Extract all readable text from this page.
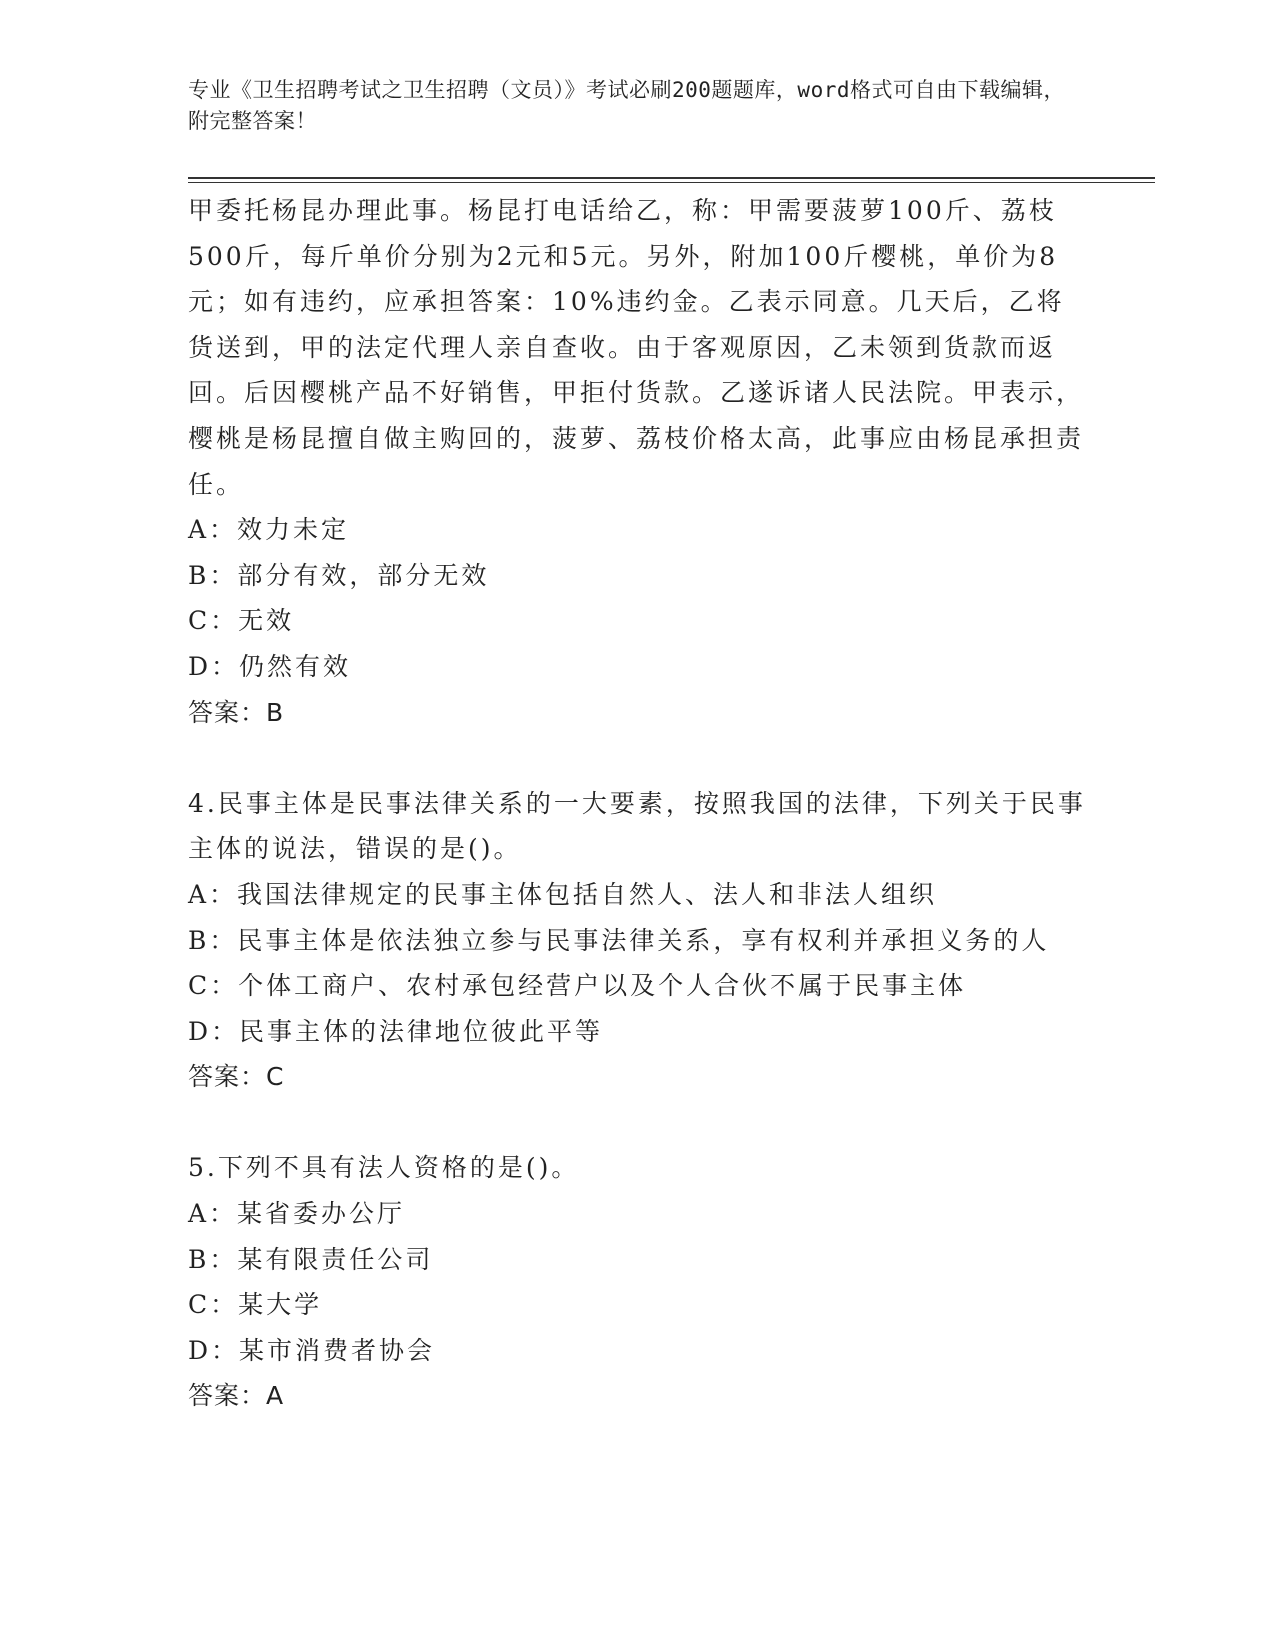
专业《卫生招聘考试之卫生招聘（文员）》考试必刷200题题库，word格式可自由下载编辑，附完整答案！

甲委托杨昆办理此事。杨昆打电话给乙，称：甲需要菠萝100斤、荔枝500斤，每斤单价分别为2元和5元。另外，附加100斤樱桃，单价为8元；如有违约，应承担答案：10%违约金。乙表示同意。几天后，乙将货送到，甲的法定代理人亲自查收。由于客观原因，乙未领到货款而返回。后因樱桃产品不好销售，甲拒付货款。乙遂诉诸人民法院。甲表示，樱桃是杨昆擅自做主购回的，菠萝、荔枝价格太高，此事应由杨昆承担责任。

A：效力未定

B：部分有效，部分无效

C：无效

D：仍然有效

答案：B

4.民事主体是民事法律关系的一大要素，按照我国的法律，下列关于民事主体的说法，错误的是()。

A：我国法律规定的民事主体包括自然人、法人和非法人组织

B：民事主体是依法独立参与民事法律关系，享有权利并承担义务的人

C：个体工商户、农村承包经营户以及个人合伙不属于民事主体

D：民事主体的法律地位彼此平等

答案：C

5.下列不具有法人资格的是()。

A：某省委办公厅

B：某有限责任公司

C：某大学

D：某市消费者协会

答案：A
